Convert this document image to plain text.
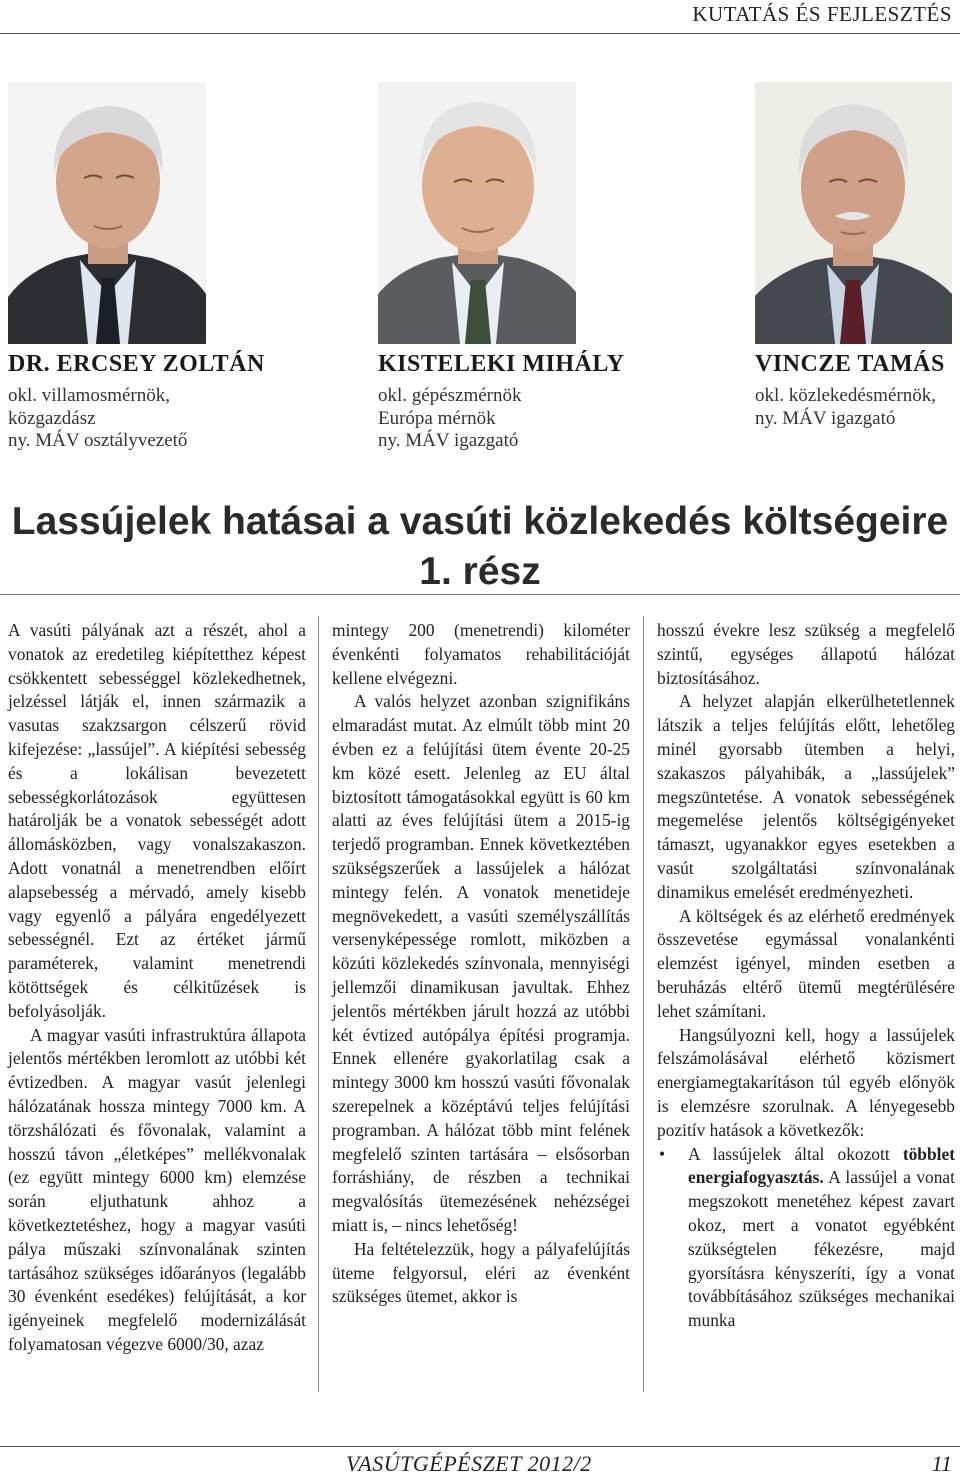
KUTATÁS ÉS FEJLESZTÉS
DR. ERCSEY ZOLTÁN
okl. villamosmérnök,
közgazdász
ny. MÁV osztályvezető
KISTELEKI MIHÁLY
okl. gépészmérnök
Európa mérnök
ny. MÁV igazgató
VINCZE TAMÁS
okl. közlekedésmérnök,
ny. MÁV igazgató
Lassújelek hatásai a vasúti közlekedés költségeire
1. rész

A vasúti pályának azt a részét, ahol a vonatok az eredetileg kiépítetthez képest csökkentett sebességgel közlekedhetnek, jelzéssel látják el, innen származik a vasutas szakzsargon célszerű rövid kifejezése: „lassújel”. A kiépítési sebesség és a lokálisan bevezetett sebességkorlátozások együttesen határolják be a vonatok sebességét adott állomásközben, vagy vonalszakaszon. Adott vonatnál a menetrendben előírt alapsebesség a mérvadó, amely kisebb vagy egyenlő a pályára engedélyezett sebességnél. Ezt az értéket jármű paraméterek, valamint menetrendi kötöttségek és célkitűzések is befolyásolják.

A magyar vasúti infrastruktúra állapota jelentős mértékben leromlott az utóbbi két évtizedben. A magyar vasút jelenlegi hálózatának hossza mintegy 7000 km. A törzshálózati és fővonalak, valamint a hosszú távon „életképes” mellékvonalak (ez együtt mintegy 6000 km) elemzése során eljuthatunk ahhoz a következtetéshez, hogy a magyar vasúti pálya műszaki színvonalának szinten tartásához szükséges időarányos (legalább 30 évenként esedékes) felújítását, a kor igényeinek megfelelő modernizálását folyamatosan végezve 6000/30, azaz

mintegy 200 (menetrendi) kilométer évenkénti folyamatos rehabilitációját kellene elvégezni.

A valós helyzet azonban szignifikáns elmaradást mutat. Az elmúlt több mint 20 évben ez a felújítási ütem évente 20-25 km közé esett. Jelenleg az EU által biztosított támogatásokkal együtt is 60 km alatti az éves felújítási ütem a 2015-ig terjedő programban. Ennek következtében szükségszerűek a lassújelek a hálózat mintegy felén. A vonatok menetideje megnövekedett, a vasúti személyszállítás versenyképessége romlott, miközben a közúti közlekedés színvonala, mennyiségi jellemzői dinamikusan javultak. Ehhez jelentős mértékben járult hozzá az utóbbi két évtized autópálya építési programja. Ennek ellenére gyakorlatilag csak a mintegy 3000 km hosszú vasúti fővonalak szerepelnek a középtávú teljes felújítási programban. A hálózat több mint felének megfelelő szinten tartására – elsősorban forráshiány, de részben a technikai megvalósítás ütemezésének nehézségei miatt is, – nincs lehetőség!

Ha feltételezzük, hogy a pályafelújítás üteme felgyorsul, eléri az évenként szükséges ütemet, akkor is

hosszú évekre lesz szükség a megfelelő szintű, egységes állapotú hálózat biztosításához.

A helyzet alapján elkerülhetetlennek látszik a teljes felújítás előtt, lehetőleg minél gyorsabb ütemben a helyi, szakaszos pályahibák, a „lassújelek” megszüntetése. A vonatok sebességének megemelése jelentős költségigényeket támaszt, ugyanakkor egyes esetekben a vasút szolgáltatási színvonalának dinamikus emelését eredményezheti.

A költségek és az elérhető eredmények összevetése egymással vonalankénti elemzést igényel, minden esetben a beruházás eltérő ütemű megtérülésére lehet számítani.

Hangsúlyozni kell, hogy a lassújelek felszámolásával elérhető közismert energiamegtakarításon túl egyéb előnyök is elemzésre szorulnak. A lényegesebb pozitív hatások a következők:

• A lassújelek által okozott többlet energiafogyasztás. A lassújel a vonat megszokott menetéhez képest zavart okoz, mert a vonatot egyébként szükségtelen fékezésre, majd gyorsításra kényszeríti, így a vonat továbbításához szükséges mechanikai munka

VASÚTGÉPÉSZET 2012/2	11
